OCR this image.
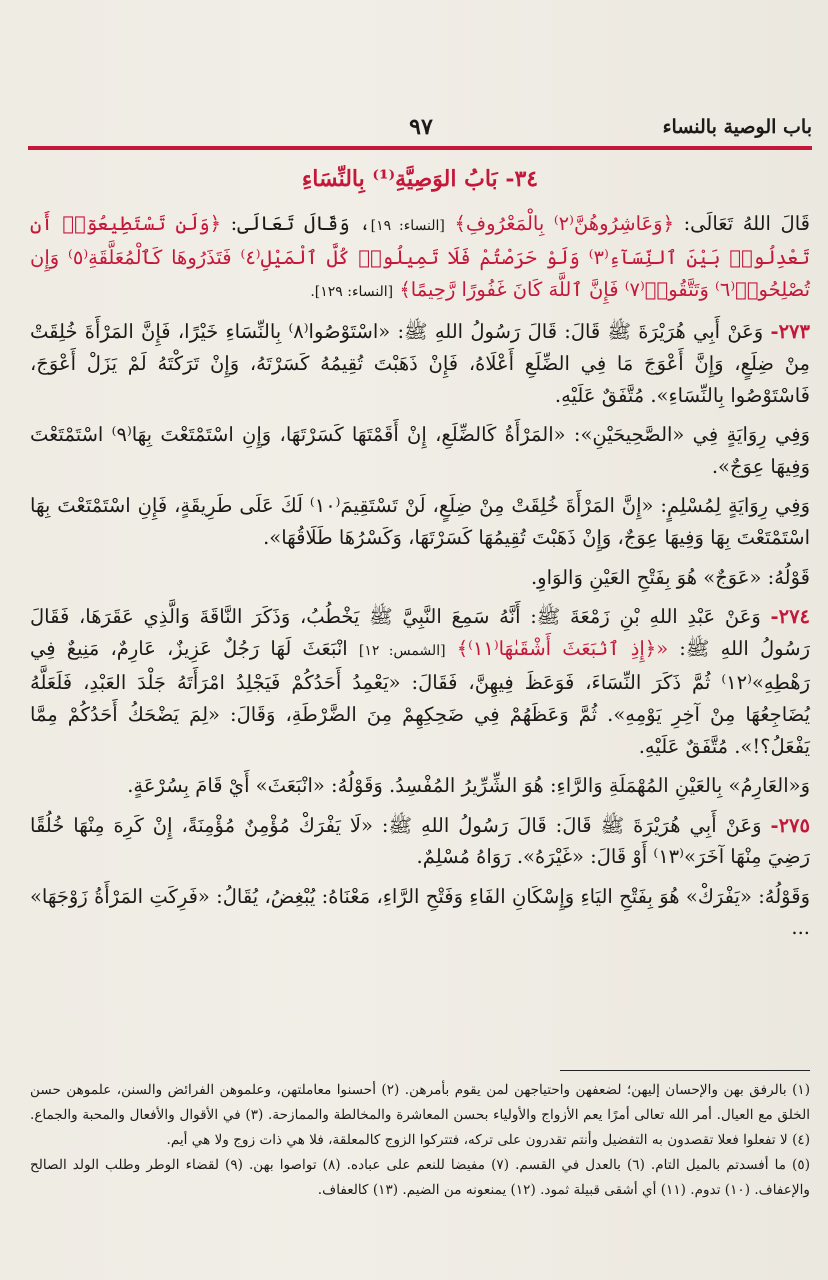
باب الوصية بالنساء
٩٧
٣٤- بَابُ الوَصِيَّةِ⁽¹⁾ بِالنِّسَاءِ

قَالَ اللهُ تَعَالَى: ﴿وَعَاشِرُوهُنَّ⁽٢⁾ بِالْمَعْرُوفِ﴾ [النساء: ١٩]، وَقَالَ تَعَالَى: ﴿وَلَن تَسْتَطِيعُوٓا۟ أَن تَعْدِلُوا۟ بَيْنَ ٱلنِّسَآءِ⁽٣⁾ وَلَوْ حَرَصْتُمْ فَلَا تَمِيلُوا۟ كُلَّ ٱلْمَيْلِ⁽٤⁾ فَتَذَرُوهَا كَٱلْمُعَلَّقَةِ⁽٥⁾ وَإِن تُصْلِحُوا۟⁽٦⁾ وَتَتَّقُوا۟⁽٧⁾ فَإِنَّ ٱللَّهَ كَانَ غَفُورًا رَّحِيمًا﴾ [النساء: ١٢٩].

٢٧٣- وَعَنْ أَبِي هُرَيْرَةَ ﷺ قَالَ: قَالَ رَسُولُ اللهِ ﷺ: «اسْتَوْصُوا⁽٨⁾ بِالنِّسَاءِ خَيْرًا، فَإِنَّ المَرْأَةَ خُلِقَتْ مِنْ ضِلَعٍ، وَإِنَّ أَعْوَجَ مَا فِي الضِّلَعِ أَعْلَاهُ، فَإِنْ ذَهَبْتَ تُقِيمُهُ كَسَرْتَهُ، وَإِنْ تَرَكْتَهُ لَمْ يَزَلْ أَعْوَجَ، فَاسْتَوْصُوا بِالنِّسَاءِ». مُتَّفَقٌ عَلَيْهِ.

وَفِي رِوَايَةٍ فِي «الصَّحِيحَيْنِ»: «المَرْأَةُ كَالضِّلَعِ، إِنْ أَقَمْتَهَا كَسَرْتَهَا، وَإِنِ اسْتَمْتَعْتَ بِهَا⁽٩⁾ اسْتَمْتَعْتَ وَفِيهَا عِوَجٌ».

وَفِي رِوَايَةٍ لِمُسْلِمٍ: «إِنَّ المَرْأَةَ خُلِقَتْ مِنْ ضِلَعٍ، لَنْ تَسْتَقِيمَ⁽١٠⁾ لَكَ عَلَى طَرِيقَةٍ، فَإِنِ اسْتَمْتَعْتَ بِهَا اسْتَمْتَعْتَ بِهَا وَفِيهَا عِوَجٌ، وَإِنْ ذَهَبْتَ تُقِيمُهَا كَسَرْتَهَا، وَكَسْرُهَا طَلَاقُهَا».

قَوْلُهُ: «عَوَجٌ» هُوَ بِفَتْحِ العَيْنِ وَالوَاوِ.

٢٧٤- وَعَنْ عَبْدِ اللهِ بْنِ زَمْعَةَ ﷺ: أَنَّهُ سَمِعَ النَّبِيَّ ﷺ يَخْطُبُ، وَذَكَرَ النَّاقَةَ وَالَّذِي عَقَرَهَا، فَقَالَ رَسُولُ اللهِ ﷺ: «﴿إِذِ ٱنۢبَعَثَ أَشْقَىٰهَا⁽١١⁾﴾ [الشمس: ١٢] انْبَعَثَ لَهَا رَجُلٌ عَزِيزٌ، عَارِمٌ، مَنِيعٌ فِي رَهْطِهِ»⁽١٢⁾ ثُمَّ ذَكَرَ النِّسَاءَ، فَوَعَظَ فِيهِنَّ، فَقَالَ: «يَعْمِدُ أَحَدُكُمْ فَيَجْلِدُ امْرَأَتَهُ جَلْدَ العَبْدِ، فَلَعَلَّهُ يُضَاجِعُهَا مِنْ آخِرِ يَوْمِهِ». ثُمَّ وَعَظَهُمْ فِي ضَحِكِهِمْ مِنَ الضَّرْطَةِ، وَقَالَ: «لِمَ يَضْحَكُ أَحَدُكُمْ مِمَّا يَفْعَلُ؟!». مُتَّفَقٌ عَلَيْهِ.

وَ«العَارِمُ» بِالعَيْنِ المُهْمَلَةِ وَالرَّاءِ: هُوَ الشِّرِّيرُ المُفْسِدُ. وَقَوْلُهُ: «انْبَعَثَ» أَيْ قَامَ بِسُرْعَةٍ.

٢٧٥- وَعَنْ أَبِي هُرَيْرَةَ ﷺ قَالَ: قَالَ رَسُولُ اللهِ ﷺ: «لَا يَفْرَكْ مُؤْمِنٌ مُؤْمِنَةً، إِنْ كَرِهَ مِنْهَا خُلُقًا رَضِيَ مِنْهَا آخَرَ»⁽١٣⁾ أَوْ قَالَ: «غَيْرَهُ». رَوَاهُ مُسْلِمٌ.

وَقَوْلُهُ: «يَفْرَكْ» هُوَ بِفَتْحِ اليَاءِ وَإِسْكَانِ الفَاءِ وَفَتْحِ الرَّاءِ، مَعْنَاهُ: يُبْغِضُ، يُقَالُ: «فَرِكَتِ المَرْأَةُ زَوْجَهَا» ...

(١) بالرفق بهن والإحسان إليهن؛ لضعفهن واحتياجهن لمن يقوم بأمرهن. (٢) أحسنوا معاملتهن، وعلموهن الفرائض والسنن، علموهن حسن الخلق مع العيال. أمر الله تعالى أمرًا يعم الأزواج والأولياء بحسن المعاشرة والمخالطة والممازحة. (٣) في الأقوال والأفعال والمحبة والجماع. (٤) لا تفعلوا فعلا تقصدون به التفضيل وأنتم تقدرون على تركه، فتتركوا الزوج كالمعلقة، فلا هي ذات زوج ولا هي أيم.

(٥) ما أفسدتم بالميل التام. (٦) بالعدل في القسم. (٧) مفيضا للنعم على عباده. (٨) تواصوا بهن. (٩) لقضاء الوطر وطلب الولد الصالح والإعفاف. (١٠) تدوم. (١١) أي أشقى قبيلة ثمود. (١٢) يمنعونه من الضيم. (١٣) كالعفاف.
